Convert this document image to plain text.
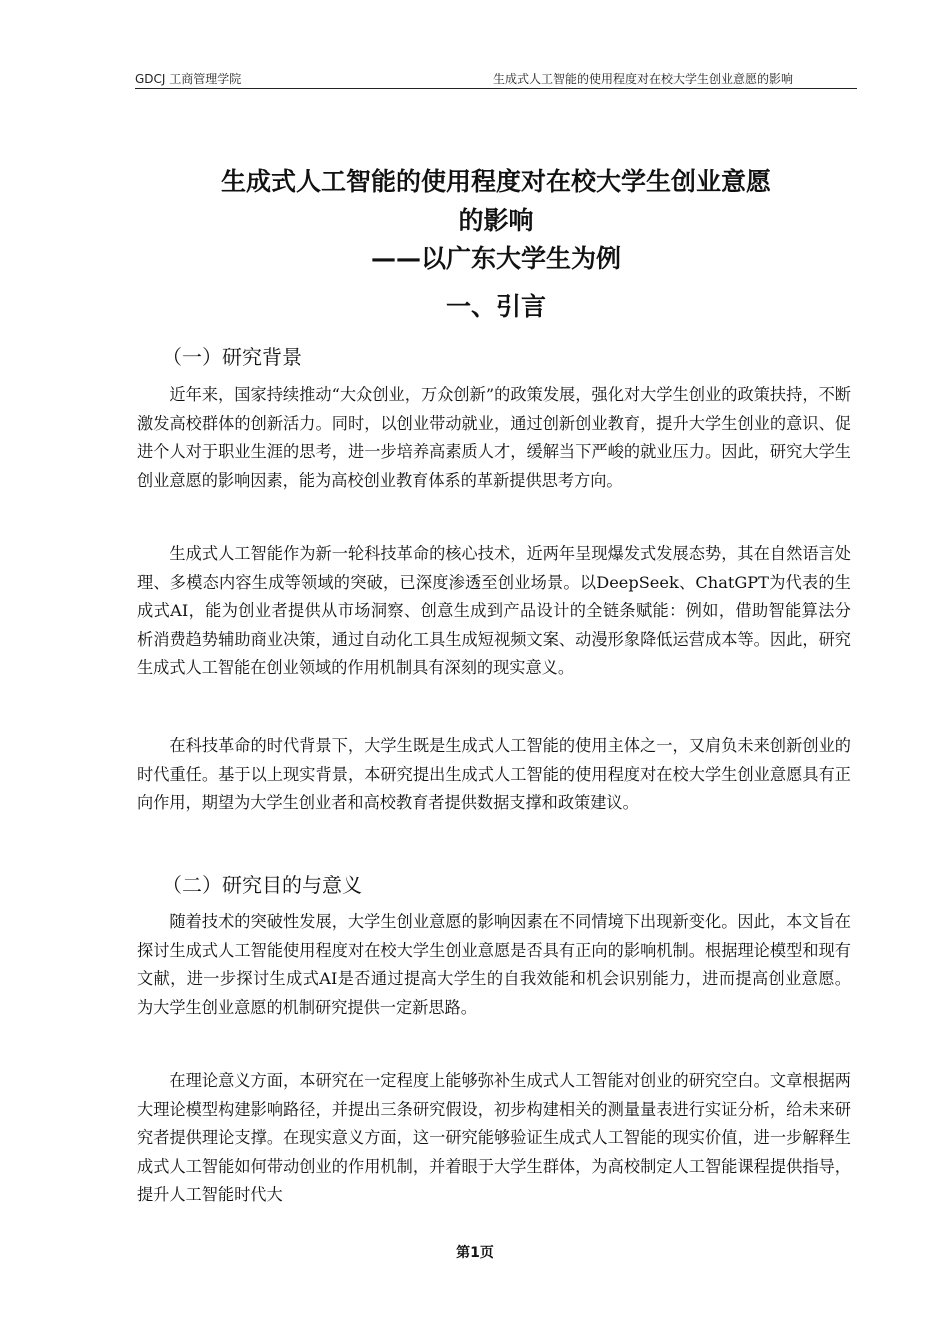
GDCJ 工商管理学院	生成式人工智能的使用程度对在校大学生创业意愿的影响
生成式人工智能的使用程度对在校大学生创业意愿
的影响
——以广东大学生为例
一、引言
（一）研究背景

近年来，国家持续推动“大众创业，万众创新”的政策发展，强化对大学生创业的政策扶持，不断激发高校群体的创新活力。同时，以创业带动就业，通过创新创业教育，提升大学生创业的意识、促进个人对于职业生涯的思考，进一步培养高素质人才，缓解当下严峻的就业压力。因此，研究大学生创业意愿的影响因素，能为高校创业教育体系的革新提供思考方向。

生成式人工智能作为新一轮科技革命的核心技术，近两年呈现爆发式发展态势，其在自然语言处理、多模态内容生成等领域的突破，已深度渗透至创业场景。以DeepSeek、ChatGPT为代表的生成式AI，能为创业者提供从市场洞察、创意生成到产品设计的全链条赋能：例如，借助智能算法分析消费趋势辅助商业决策，通过自动化工具生成短视频文案、动漫形象降低运营成本等。因此，研究生成式人工智能在创业领域的作用机制具有深刻的现实意义。

在科技革命的时代背景下，大学生既是生成式人工智能的使用主体之一，又肩负未来创新创业的时代重任。基于以上现实背景，本研究提出生成式人工智能的使用程度对在校大学生创业意愿具有正向作用，期望为大学生创业者和高校教育者提供数据支撑和政策建议。

（二）研究目的与意义

随着技术的突破性发展，大学生创业意愿的影响因素在不同情境下出现新变化。因此，本文旨在探讨生成式人工智能使用程度对在校大学生创业意愿是否具有正向的影响机制。根据理论模型和现有文献，进一步探讨生成式AI是否通过提高大学生的自我效能和机会识别能力，进而提高创业意愿。为大学生创业意愿的机制研究提供一定新思路。

在理论意义方面，本研究在一定程度上能够弥补生成式人工智能对创业的研究空白。文章根据两大理论模型构建影响路径，并提出三条研究假设，初步构建相关的测量量表进行实证分析，给未来研究者提供理论支撑。在现实意义方面，这一研究能够验证生成式人工智能的现实价值，进一步解释生成式人工智能如何带动创业的作用机制，并着眼于大学生群体，为高校制定人工智能课程提供指导，提升人工智能时代大

第1页
